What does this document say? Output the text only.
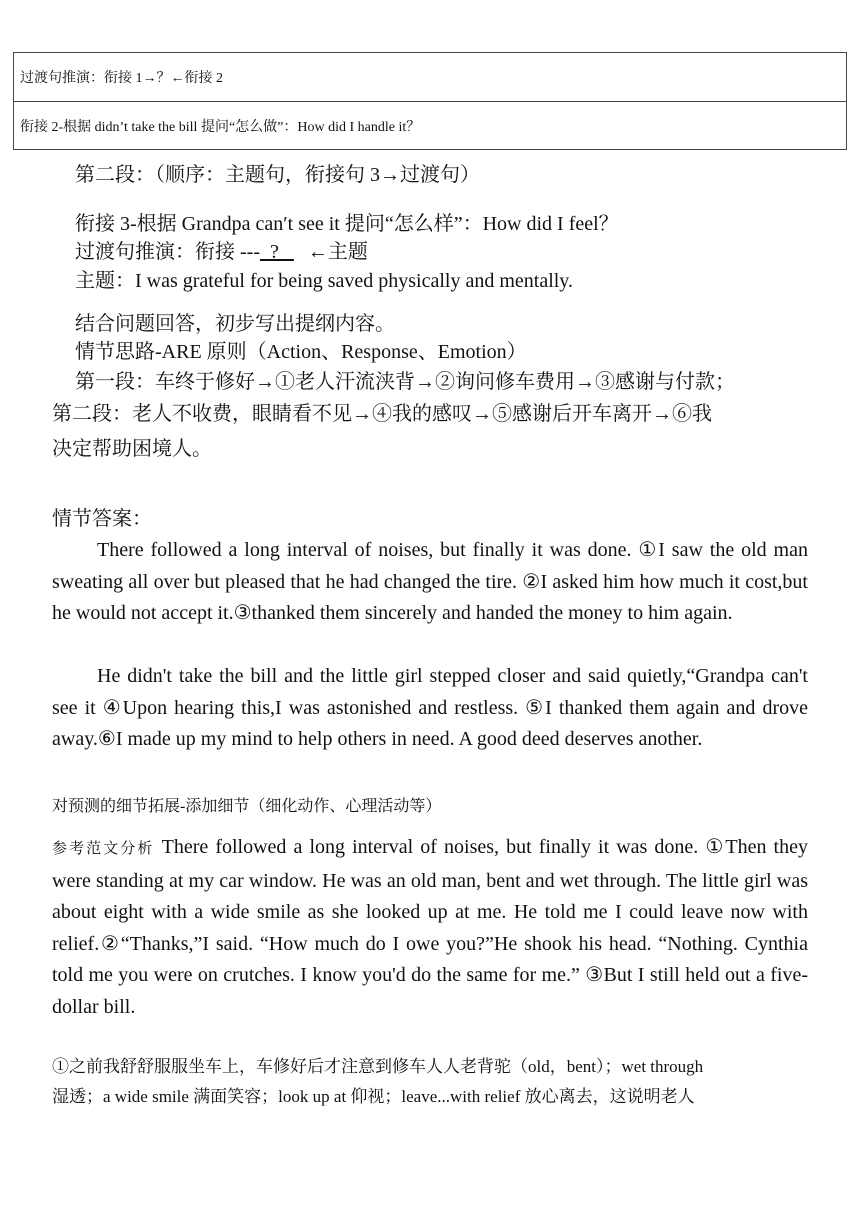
过渡句推演：衔接 1→？←衔接 2
衔接 2-根据 didn’t take the bill 提问“怎么做”：How did I handle it？
第二段：（顺序：主题句，衔接句 3→过渡句）
衔接 3-根据 Grandpa can′t see it 提问“怎么样”：How did I feel？
过渡句推演：衔接 ---  ?   ←主题
主题：I was grateful for being saved physically and mentally.
结合问题回答，初步写出提纲内容。
情节思路-ARE 原则（Action、Response、Emotion）
第一段：车终于修好→①老人汗流浃背→②询问修车费用→③感谢与付款；
第二段：老人不收费，眼睛看不见→④我的感叹→⑤感谢后开车离开→⑥我
决定帮助困境人。
情节答案：

There followed a long interval of noises, but finally it was done. ①I saw the old man sweating all over but pleased that he had changed the tire. ②I asked him how much it cost,but he would not accept it.③thanked them sincerely and handed the money to him again.

He didn't take the bill and the little girl stepped closer and said quietly,“Grandpa can't see it ④Upon hearing this,I was astonished and restless. ⑤I thanked them again and drove away.⑥I made up my mind to help others in need. A good deed deserves another.

对预测的细节拓展-添加细节（细化动作、心理活动等）

参考范文分析 There followed a long interval of noises, but finally it was done. ①Then they were standing at my car window. He was an old man, bent and wet through. The little girl was about eight with a wide smile as she looked up at me. He told me I could leave now with relief.②“Thanks,”I said. “How much do I owe you?”He shook his head. “Nothing. Cynthia told me you were on crutches. I know you'd do the same for me.” ③But I still held out a five-dollar bill.

①之前我舒舒服服坐车上，车修好后才注意到修车人人老背驼（old，bent）；wet through
湿透；a wide smile 满面笑容；look up at 仰视；leave...with relief 放心离去，这说明老人
